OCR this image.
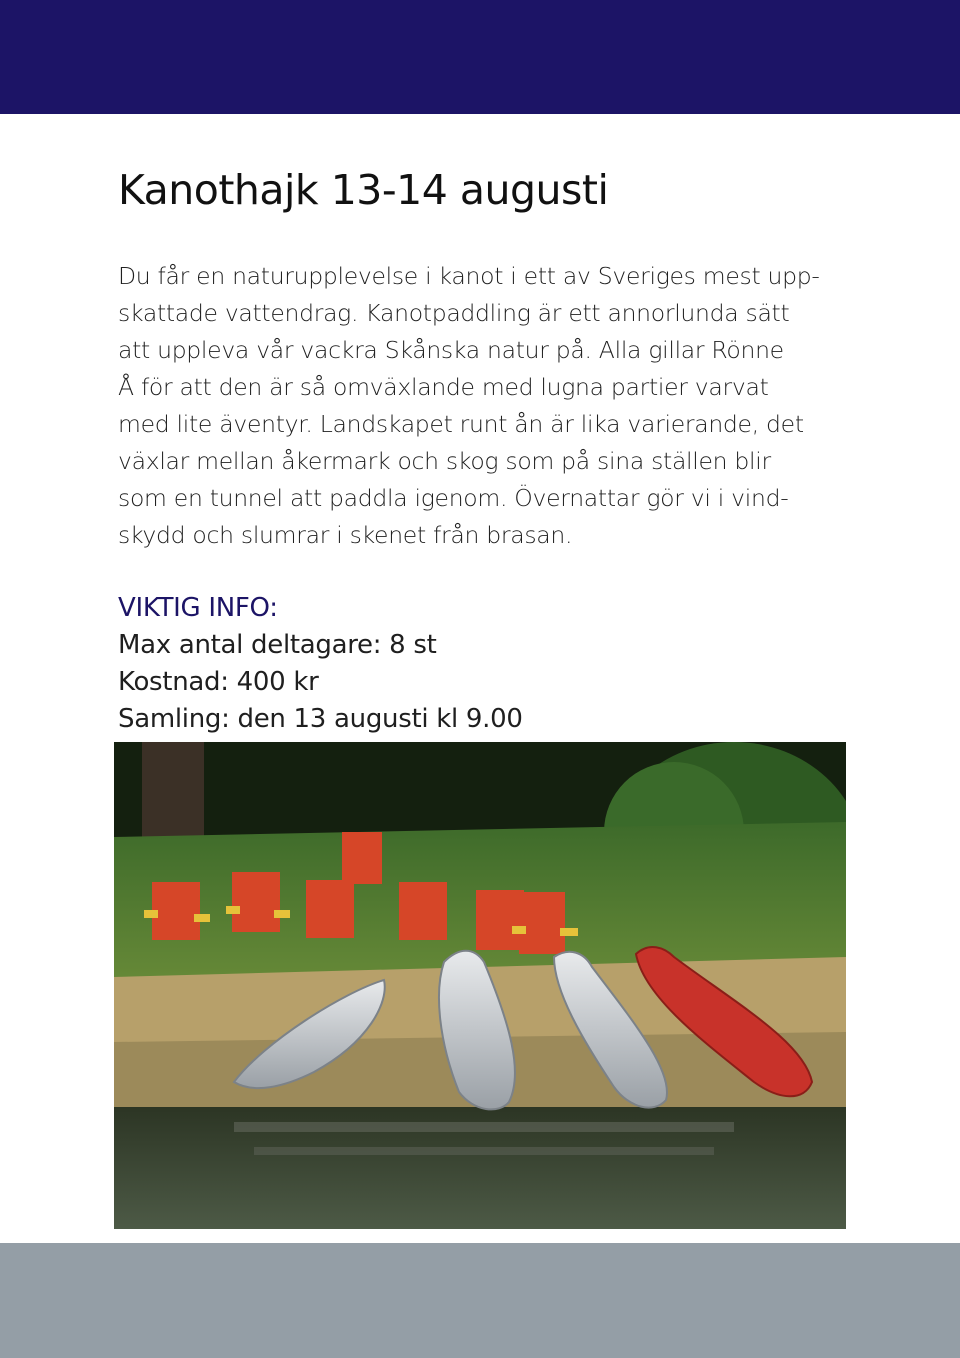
Kanothajk 13-14 augusti
Du får en naturupplevelse i kanot i ett av Sveriges mest upp-
skattade vattendrag. Kanotpaddling är ett annorlunda sätt
att uppleva vår vackra Skånska natur på. Alla gillar Rönne
Å för att den är så omväxlande med lugna partier varvat
med lite äventyr. Landskapet runt ån är lika varierande, det
växlar mellan åkermark och skog som på sina ställen blir
som en tunnel att paddla igenom. Övernattar gör vi i vind-
skydd och slumrar i skenet från brasan.
VIKTIG INFO:
Max antal deltagare: 8 st
Kostnad: 400 kr
Samling: den 13 augusti kl 9.00
